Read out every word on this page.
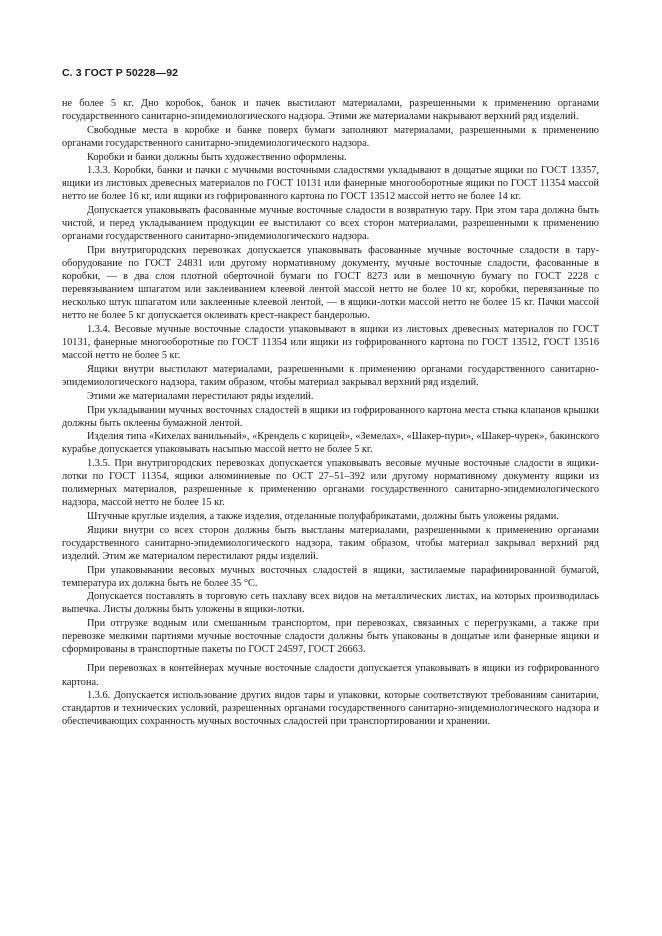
С. 3 ГОСТ Р 50228—92

не более 5 кг. Дно коробок, банок и пачек выстилают материалами, разрешенными к применению органами государственного санитарно-эпидемиологического надзора. Этими же материалами накрывают верхний ряд изделий.

Свободные места в коробке и банке поверх бумаги заполняют материалами, разрешенными к применению органами государственного санитарно-эпидемиологического надзора.

Коробки и банки должны быть художественно оформлены.

1.3.3. Коробки, банки и пачки с мучными восточными сладостями укладывают в дощатые ящики по ГОСТ 13357, ящики из листовых древесных материалов по ГОСТ 10131 или фанерные многооборотные ящики по ГОСТ 11354 массой нетто не более 16 кг, или ящики из гофрированного картона по ГОСТ 13512 массой нетто не более 14 кг.

Допускается упаковывать фасованные мучные восточные сладости в возвратную тару. При этом тара должна быть чистой, и перед укладыванием продукции ее выстилают со всех сторон материалами, разрешенными к применению органами государственного санитарно-эпидемиологического надзора.

При внутригородских перевозках допускается упаковывать фасованные мучные восточные сладости в тару-оборудование по ГОСТ 24831 или другому нормативному документу, мучные восточные сладости, фасованные в коробки, — в два слоя плотной оберточной бумаги по ГОСТ 8273 или в мешочную бумагу по ГОСТ 2228 с перевязыванием шпагатом или заклеиванием клеевой лентой массой нетто не более 10 кг, коробки, перевязанные по несколько штук шпагатом или заклеенные клеевой лентой, — в ящики-лотки массой нетто не более 15 кг. Пачки массой нетто не более 5 кг допускается оклеивать крест-накрест бандеролью.

1.3.4. Весовые мучные восточные сладости упаковывают в ящики из листовых древесных материалов по ГОСТ 10131, фанерные многооборотные по ГОСТ 11354 или ящики из гофрированного картона по ГОСТ 13512, ГОСТ 13516 массой нетто не более 5 кг.

Ящики внутри выстилают материалами, разрешенными к применению органами государственного санитарно-эпидемиологического надзора, таким образом, чтобы материал закрывал верхний ряд изделий.

Этими же материалами перестилают ряды изделий.

При укладывании мучных восточных сладостей в ящики из гофрированного картона места стыка клапанов крышки должны быть оклеены бумажной лентой.

Изделия типа «Кихелах ванильный», «Крендель с корицей», «Земелах», «Шакер-пури», «Шакер-чурек», бакинского курабье допускается упаковывать насыпью массой нетто не более 5 кг.

1.3.5. При внутригородских перевозках допускается упаковывать весовые мучные восточные сладости в ящики-лотки по ГОСТ 11354, ящики алюминиевые по ОСТ 27–51–392 или другому нормативному документу ящики из полимерных материалов, разрешенные к применению органами государственного санитарно-эпидемиологического надзора, массой нетто не более 15 кг.

Штучные круглые изделия, а также изделия, отделанные полуфабрикатами, должны быть уложены рядами.

Ящики внутри со всех сторон должны быть выстланы материалами, разрешенными к применению органами государственного санитарно-эпидемиологического надзора, таким образом, чтобы материал закрывал верхний ряд изделий. Этим же материалом перестилают ряды изделий.

При упаковывании весовых мучных восточных сладостей в ящики, застилаемые парафинированной бумагой, температура их должна быть не более 35 °С.

Допускается поставлять в торговую сеть пахлаву всех видов на металлических листах, на которых производилась выпечка. Листы должны быть уложены в ящики-лотки.

При отгрузке водным или смешанным транспортом, при перевозках, связанных с перегрузками, а также при перевозке мелкими партиями мучные восточные сладости должны быть упакованы в дощатые или фанерные ящики и сформированы в транспортные пакеты по ГОСТ 24597, ГОСТ 26663.

При перевозках в контейнерах мучные восточные сладости допускается упаковывать в ящики из гофрированного картона.

1.3.6. Допускается использование других видов тары и упаковки, которые соответствуют требованиям санитарии, стандартов и технических условий, разрешенных органами государственного санитарно-эпидемиологического надзора и обеспечивающих сохранность мучных восточных сладостей при транспортировании и хранении.
